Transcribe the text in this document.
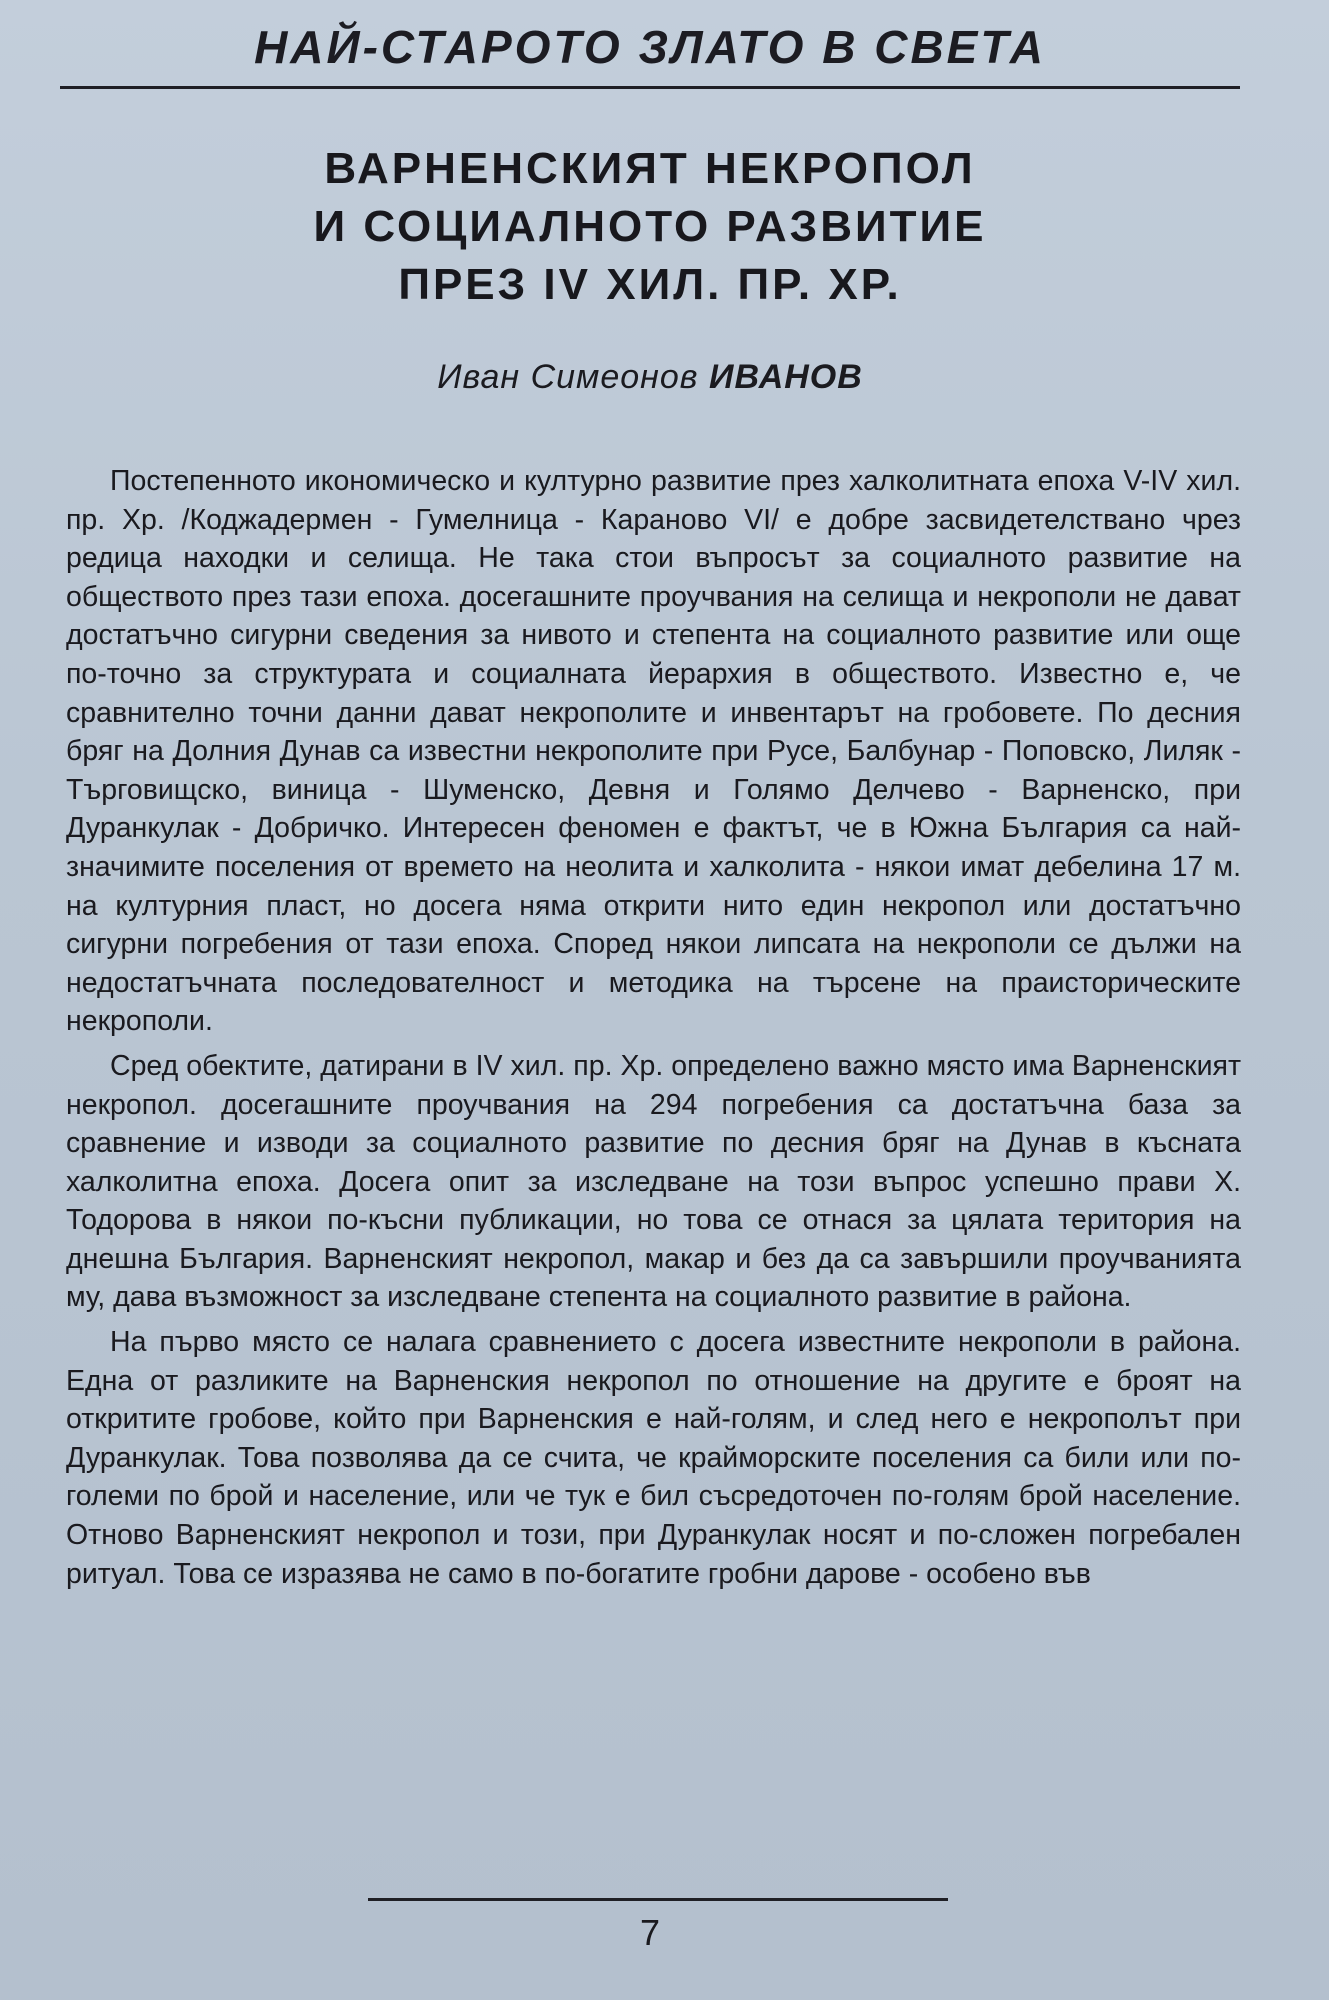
НАЙ-СТАРОТО ЗЛАТО В СВЕТА
ВАРНЕНСКИЯТ НЕКРОПОЛ
И СОЦИАЛНОТО РАЗВИТИЕ
ПРЕЗ IV ХИЛ. ПР. ХР.

Иван Симеонов ИВАНОВ

Постепенното икономическо и културно развитие през халколитната епоха V-IV хил. пр. Хр. /Коджадермен - Гумелница - Караново VI/ е добре засвидетелствано чрез редица находки и селища. Не така стои въпросът за социалното развитие на обществото през тази епоха. досегашните проучвания на селища и некрополи не дават достатъчно сигурни сведения за нивото и степента на социалното развитие или още по-точно за структурата и социалната йерархия в обществото. Известно е, че сравнително точни данни дават некрополите и инвентарът на гробовете. По десния бряг на Долния Дунав са известни некрополите при Русе, Балбунар - Поповско, Лиляк - Търговищско, виница - Шуменско, Девня и Голямо Делчево - Варненско, при Дуранкулак - Добричко. Интересен феномен е фактът, че в Южна България са най-значимите поселения от времето на неолита и халколита - някои имат дебелина 17 м. на културния пласт, но досега няма открити нито един некропол или достатъчно сигурни погребения от тази епоха. Според някои липсата на некрополи се дължи на недостатъчната последователност и методика на търсене на праисторическите некрополи.

Сред обектите, датирани в IV хил. пр. Хр. определено важно място има Варненският некропол. досегашните проучвания на 294 погребения са достатъчна база за сравнение и изводи за социалното развитие по десния бряг на Дунав в късната халколитна епоха. Досега опит за изследване на този въпрос успешно прави Х. Тодорова в някои по-късни публикации, но това се отнася за цялата територия на днешна България. Варненският некропол, макар и без да са завършили проучванията му, дава възможност за изследване степента на социалното развитие в района.

На първо място се налага сравнението с досега известните некрополи в района. Една от разликите на Варненския некропол по отношение на другите е броят на откритите гробове, който при Варненския е най-голям, и след него е некрополът при Дуранкулак. Това позволява да се счита, че крайморските поселения са били или по-големи по брой и население, или че тук е бил съсредоточен по-голям брой население. Отново Варненският некропол и този, при Дуранкулак носят и по-сложен погребален ритуал. Това се изразява не само в по-богатите гробни дарове - особено във

7
